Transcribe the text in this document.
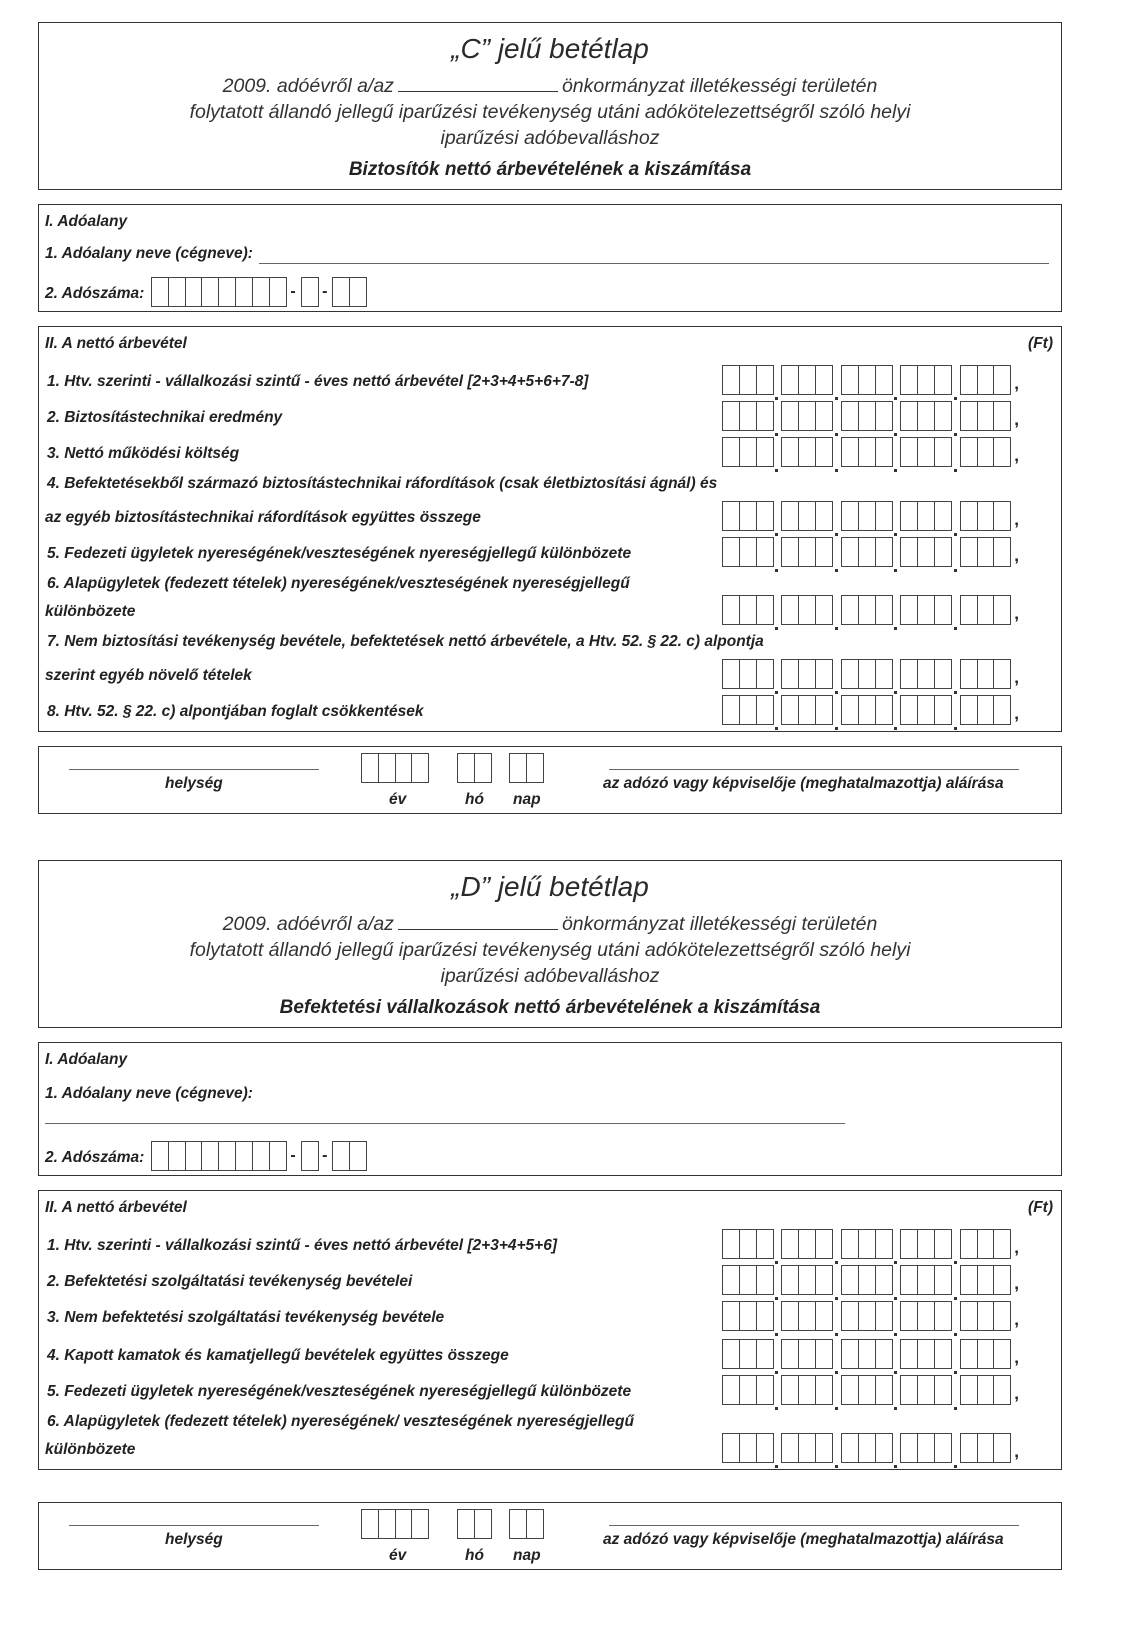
„C” jelű betétlap
2009. adóévről a/az	önkormányzat illetékességi területén
folytatott állandó jellegű iparűzési tevékenység utáni adókötelezettségről szóló helyi
iparűzési adóbevalláshoz
Biztosítók nettó árbevételének a kiszámítása
I. Adóalany
1. Adóalany neve (cégneve):
2. Adószáma:	- -
II. A nettó árbevétel	(Ft)
1. Htv. szerinti - vállalkozási szintű - éves nettó árbevétel [2+3+4+5+6+7-8]	,
2. Biztosítástechnikai eredmény	,
3. Nettó működési költség	,
4. Befektetésekből származó biztosítástechnikai ráfordítások (csak életbiztosítási ágnál) és
az egyéb biztosítástechnikai ráfordítások együttes összege	,
5. Fedezeti ügyletek nyereségének/veszteségének nyereségjellegű különbözete	,
6. Alapügyletek (fedezett tételek) nyereségének/veszteségének nyereségjellegű
különbözete	,
7. Nem biztosítási tevékenység bevétele, befektetések nettó árbevétele, a Htv. 52. § 22. c) alpontja
szerint egyéb növelő tételek	,
8. Htv. 52. § 22. c) alpontjában foglalt csökkentések	,
helység
év	hó nap
az adózó vagy képviselője (meghatalmazottja) aláírása
„D” jelű betétlap
2009. adóévről a/az	önkormányzat illetékességi területén
folytatott állandó jellegű iparűzési tevékenység utáni adókötelezettségről szóló helyi
iparűzési adóbevalláshoz
Befektetési vállalkozások nettó árbevételének a kiszámítása
I. Adóalany
1. Adóalany neve (cégneve):
2. Adószáma:	- -
II. A nettó árbevétel	(Ft)
1. Htv. szerinti - vállalkozási szintű - éves nettó árbevétel [2+3+4+5+6]	,
2. Befektetési szolgáltatási tevékenység bevételei	,
3. Nem befektetési szolgáltatási tevékenység bevétele	,
4. Kapott kamatok és kamatjellegű bevételek együttes összege	,
5. Fedezeti ügyletek nyereségének/veszteségének nyereségjellegű különbözete	,
6. Alapügyletek (fedezett tételek) nyereségének/ veszteségének nyereségjellegű
különbözete	,
helység
év	hó nap
az adózó vagy képviselője (meghatalmazottja) aláírása
